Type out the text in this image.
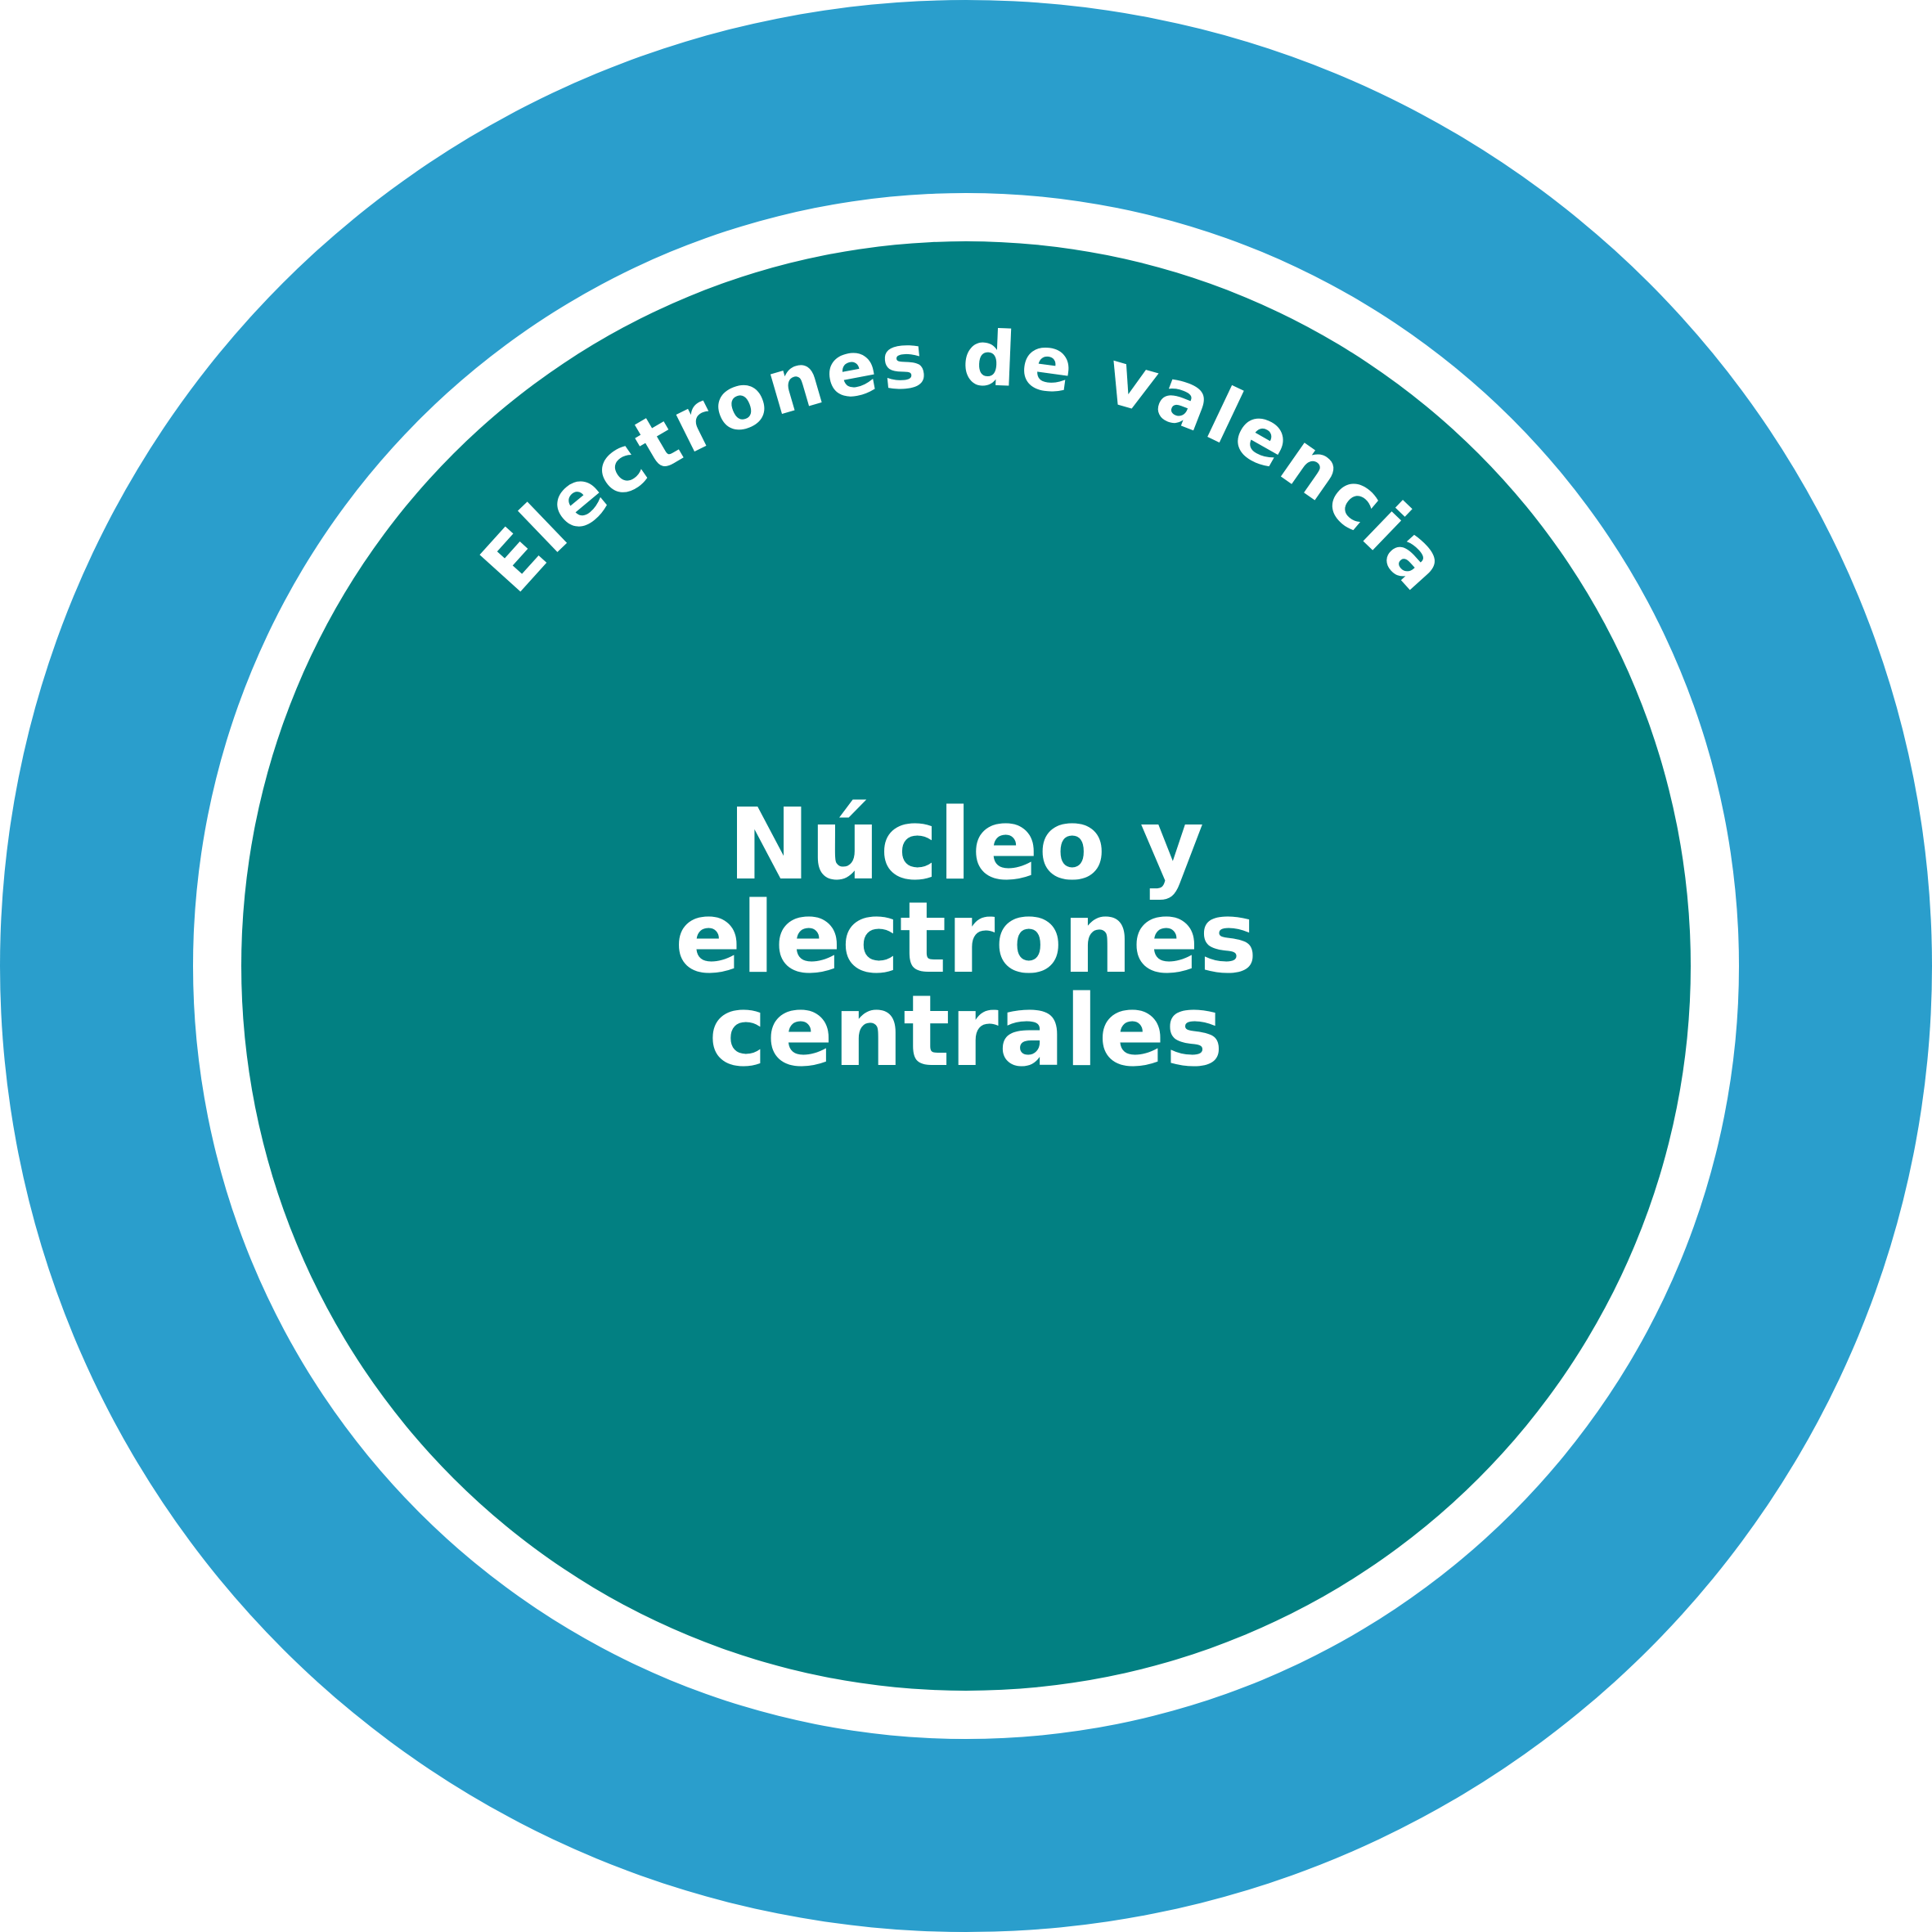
Electrones de valencia
Núcleo y
electrones
centrales
